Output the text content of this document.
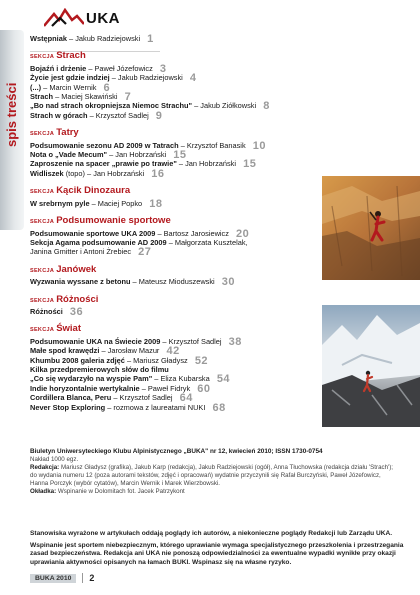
UKA
spis treści
Wstępniak – Jakub Radziejowski 1
SEKCJA Strach
Bojaźń i drżenie – Paweł Józefowicz 3
Życie jest gdzie indziej – Jakub Radziejowski 4
(...) – Marcin Wernik 6
Strach – Maciej Skawiński 7
„Bo nad strach okropniejsza Niemoc Strachu" – Jakub Ziółkowski 8
Strach w górach – Krzysztof Sadlej 9
SEKCJA Tatry
Podsumowanie sezonu AD 2009 w Tatrach – Krzysztof Banasik 10
Nota o „Vade Mecum" – Jan Hobrzański 15
Zaproszenie na spacer „prawie po trawie" – Jan Hobrzański 15
Widliszek (topo) – Jan Hobrzański 16
SEKCJA Kącik Dinozaura
W srebrnym pyle – Maciej Popko 18
SEKCJA Podsumowanie sportowe
Podsumowanie sportowe UKA 2009 – Bartosz Jarosiewicz 20
Sekcja Agama podsumowanie AD 2009 – Małgorzata Kusztelak,
Janina Gmitter i Antoni Żrebiec 27
SEKCJA Janówek
Wyzwania wyssane z betonu – Mateusz Mioduszewski 30
SEKCJA Różności
Różności 36
SEKCJA Świat
Podsumowanie UKA na Świecie 2009 – Krzysztof Sadlej 38
Małe spod krawędzi – Jarosław Mazur 42
Khumbu 2008 galeria zdjęć – Mariusz Gładysz 52
Kilka przedpremierowych słów do filmu
„Co się wydarzyło na wyspie Pam" – Eliza Kubarska 54
Indie horyzontalnie wertykalnie – Paweł Fidryk 60
Cordillera Blanca, Peru – Krzysztof Sadlej 64
Never Stop Exploring – rozmowa z laureatami NUKI 68
Biuletyn Uniwersyteckiego Klubu Alpinistycznego „BUKA" nr 12, kwiecień 2010; ISSN 1730-0754
Nakład 1000 egz.
Redakcja: Mariusz Gładysz (grafika), Jakub Karp (redakcja), Jakub Radziejowski (ogół), Anna Tłuchowska (redakcja działu 'Strach'); do wydania numeru 12 (poza autorami tekstów, zdjęć i opracowań) wydatnie przyczynili się Rafał Burczyński, Paweł Józefowicz, Hanna Porczyk (wybór cytatów), Marcin Wernik i Marek Wierzbowski.
Okładka: Wspinanie w Dolomitach fot. Jacek Patrzykont
Stanowiska wyrażone w artykułach oddają poglądy ich autorów, a niekonieczne poglądy Redakcji lub Zarządu UKA.
Wspinanie jest sportem niebezpiecznym, którego uprawianie wymaga specjalistycznego przeszkolenia i przestrzegania zasad bezpieczeństwa. Redakcja ani UKA nie ponoszą odpowiedzialności za ewentualne wypadki wynikłe przy okazji uprawiania aktywności opisanych na łamach BUKI. Wspinasz się na własne ryzyko.
BUKA 2010	2
